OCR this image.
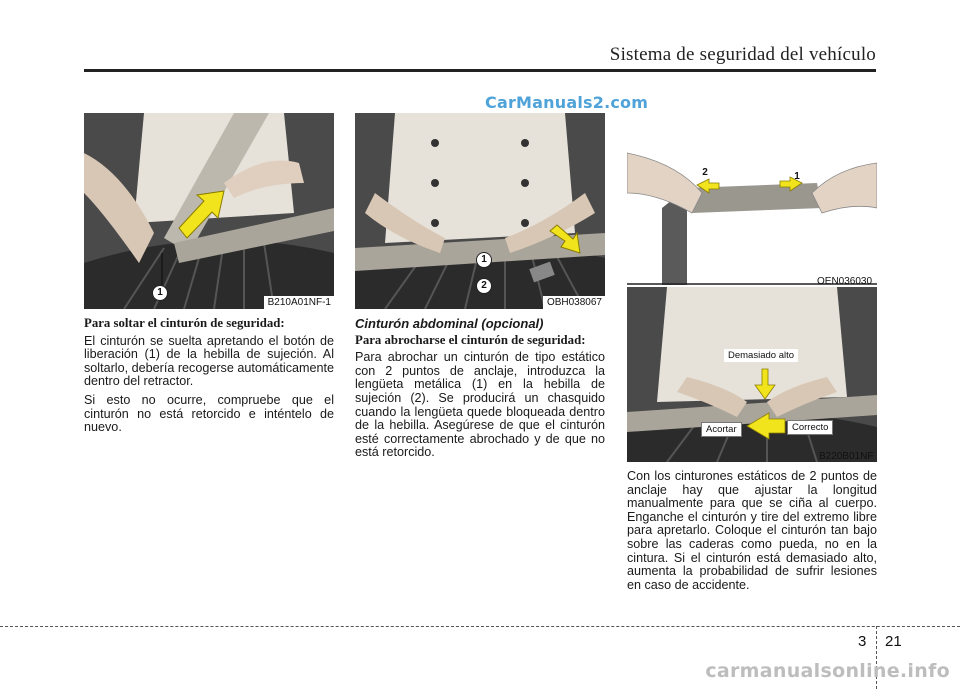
Sistema de seguridad del vehículo
CarManuals2.com
1
B210A01NF-1
1
2
OBH038067
2	1
OEN036030
Demasiado alto
Acortar	Correcto
B220B01NF
Para soltar el cinturón de seguridad:

El cinturón se suelta apretando el botón de liberación (1) de la hebilla de sujeción. Al soltarlo, debería recogerse automáticamente dentro del retractor.

Si esto no ocurre, compruebe que el cinturón no está retorcido e inténtelo de nuevo.

Cinturón abdominal (opcional)
Para abrocharse el cinturón de seguridad:

Para abrochar un cinturón de tipo estático con 2 puntos de anclaje, introduzca la lengüeta metálica (1) en la hebilla de sujeción (2). Se producirá un chasquido cuando la lengüeta quede bloqueada dentro de la hebilla. Asegúrese de que el cinturón esté correctamente abrochado y de que no está retorcido.

Con los cinturones estáticos de 2 puntos de anclaje hay que ajustar la longitud manualmente para que se ciña al cuerpo. Enganche el cinturón y tire del extremo libre para apretarlo. Coloque el cinturón tan bajo sobre las caderas como pueda, no en la cintura. Si el cinturón está demasiado alto, aumenta la probabilidad de sufrir lesiones en caso de accidente.

3 21
carmanualsonline.info
